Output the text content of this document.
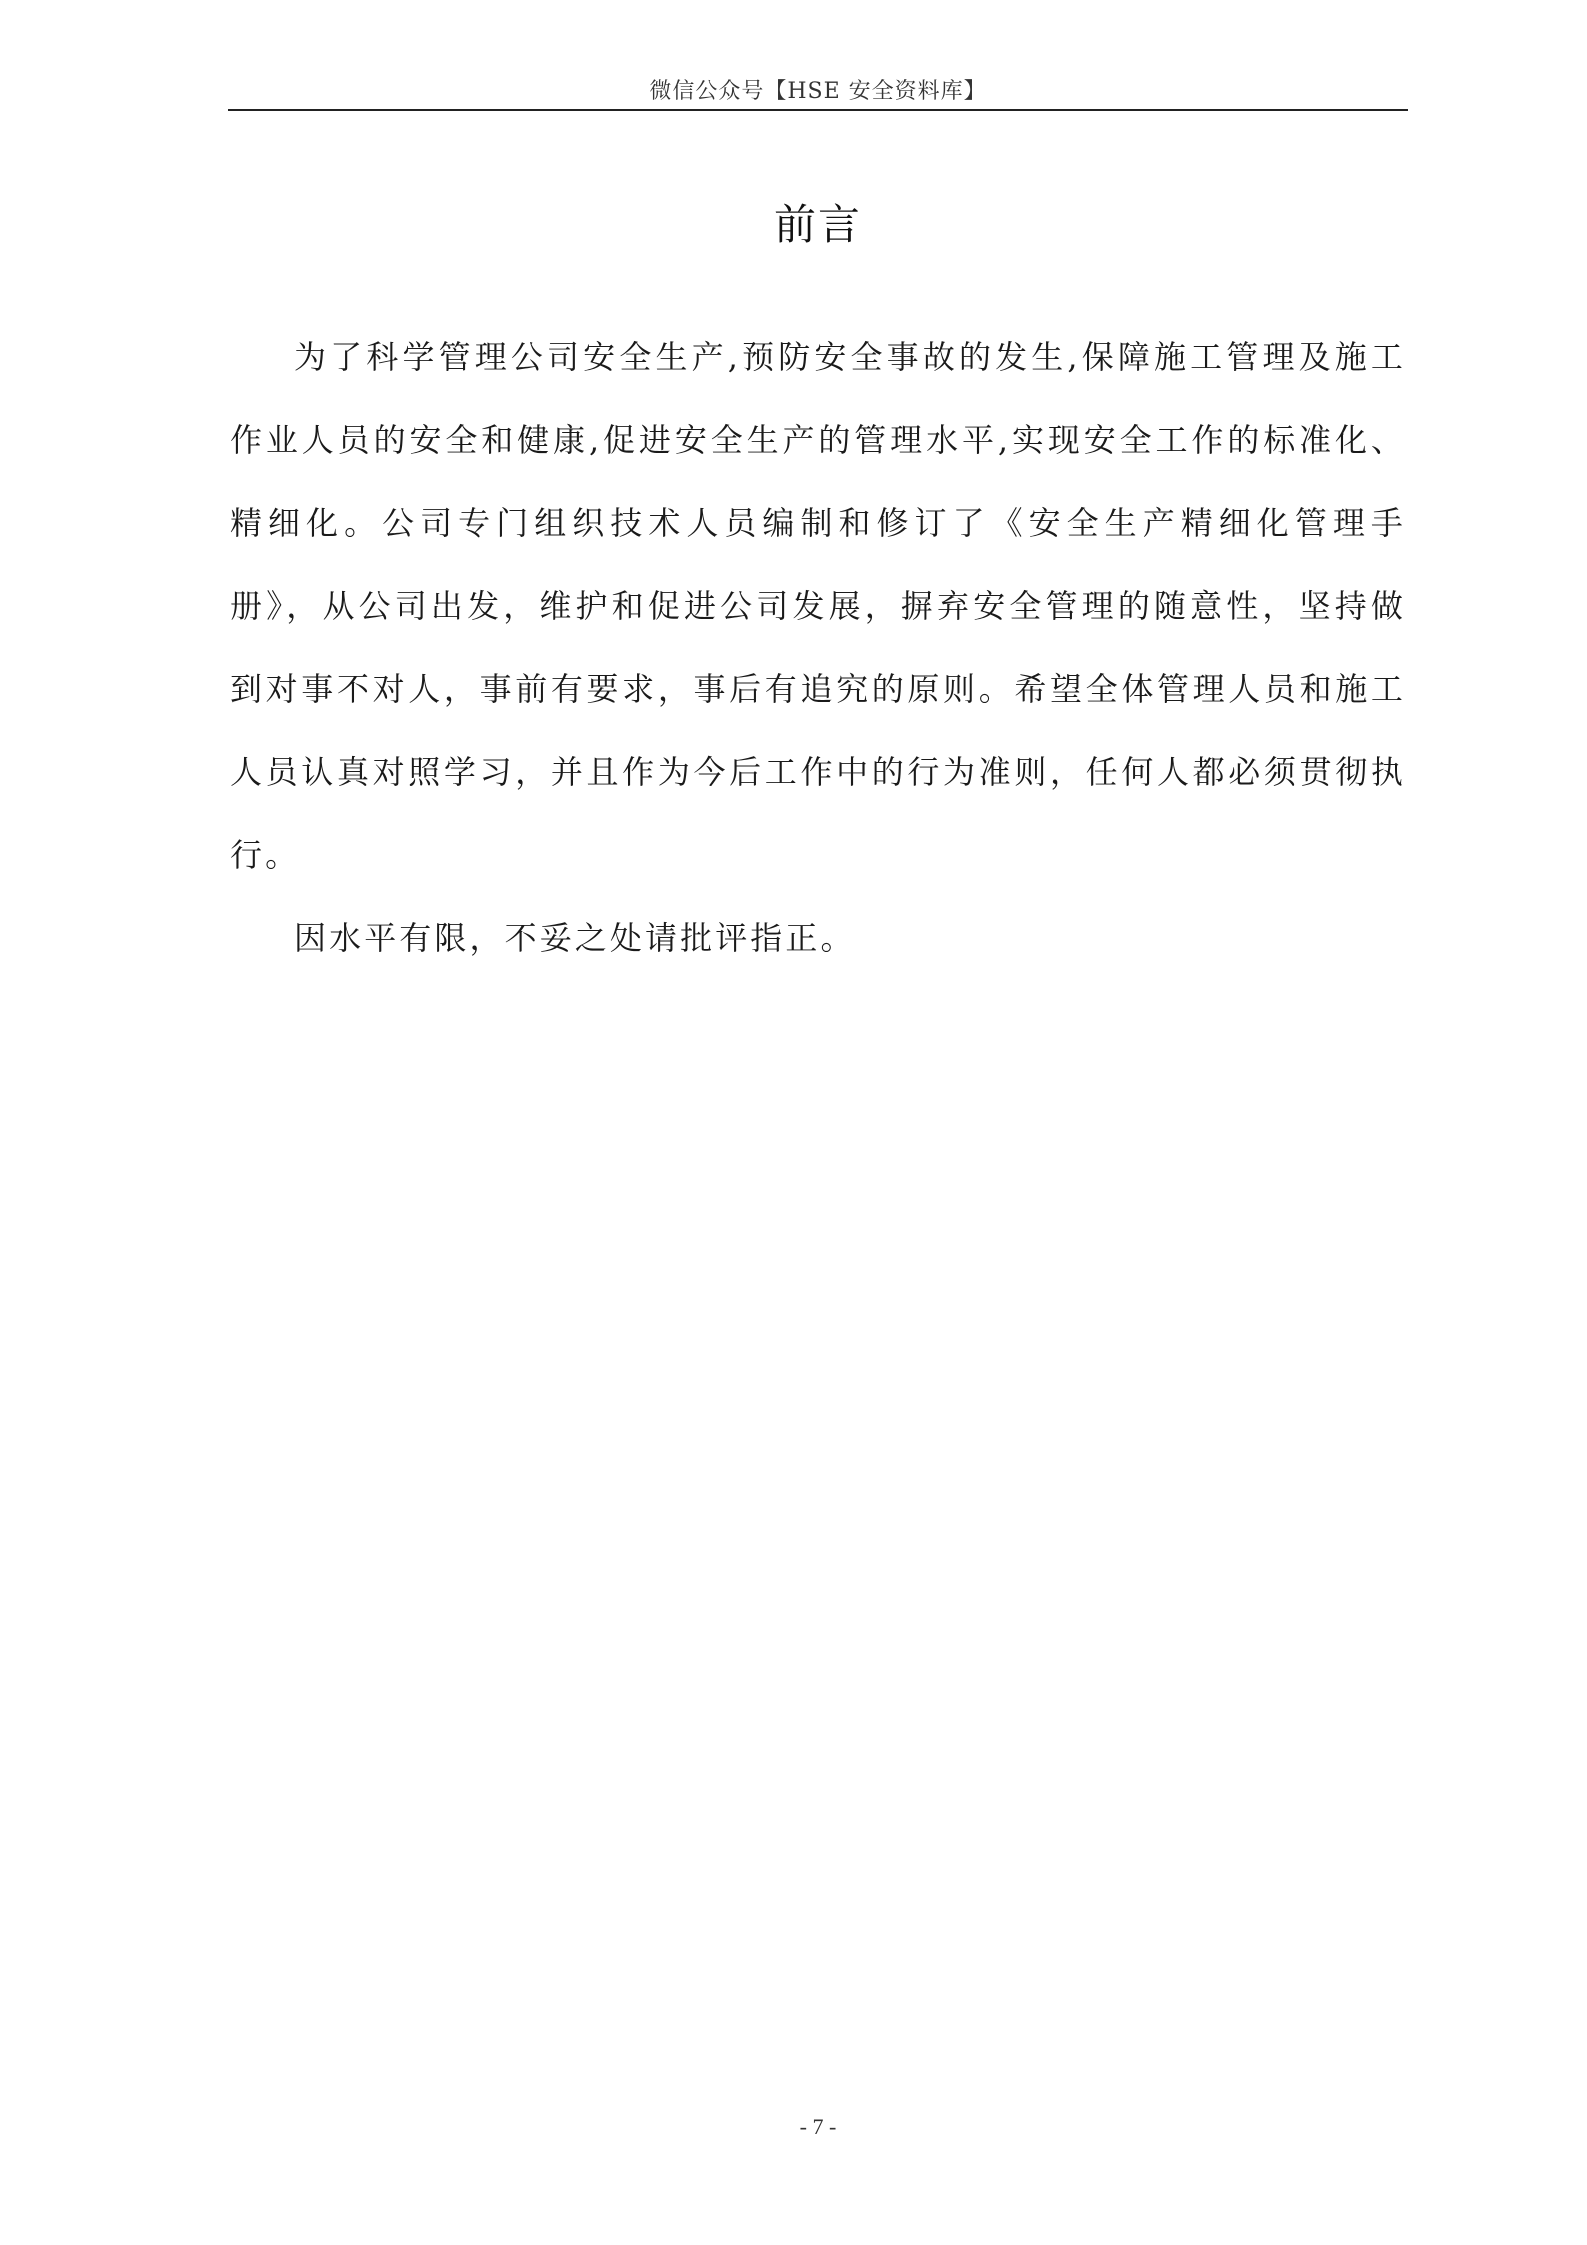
微信公众号【HSE 安全资料库】
前言

为了科学管理公司安全生产,预防安全事故的发生,保障施工管理及施工作业人员的安全和健康,促进安全生产的管理水平,实现安全工作的标准化、精细化。公司专门组织技术人员编制和修订了《安全生产精细化管理手册》，从公司出发，维护和促进公司发展，摒弃安全管理的随意性，坚持做到对事不对人，事前有要求，事后有追究的原则。希望全体管理人员和施工人员认真对照学习，并且作为今后工作中的行为准则，任何人都必须贯彻执行。

因水平有限，不妥之处请批评指正。

- 7 -
